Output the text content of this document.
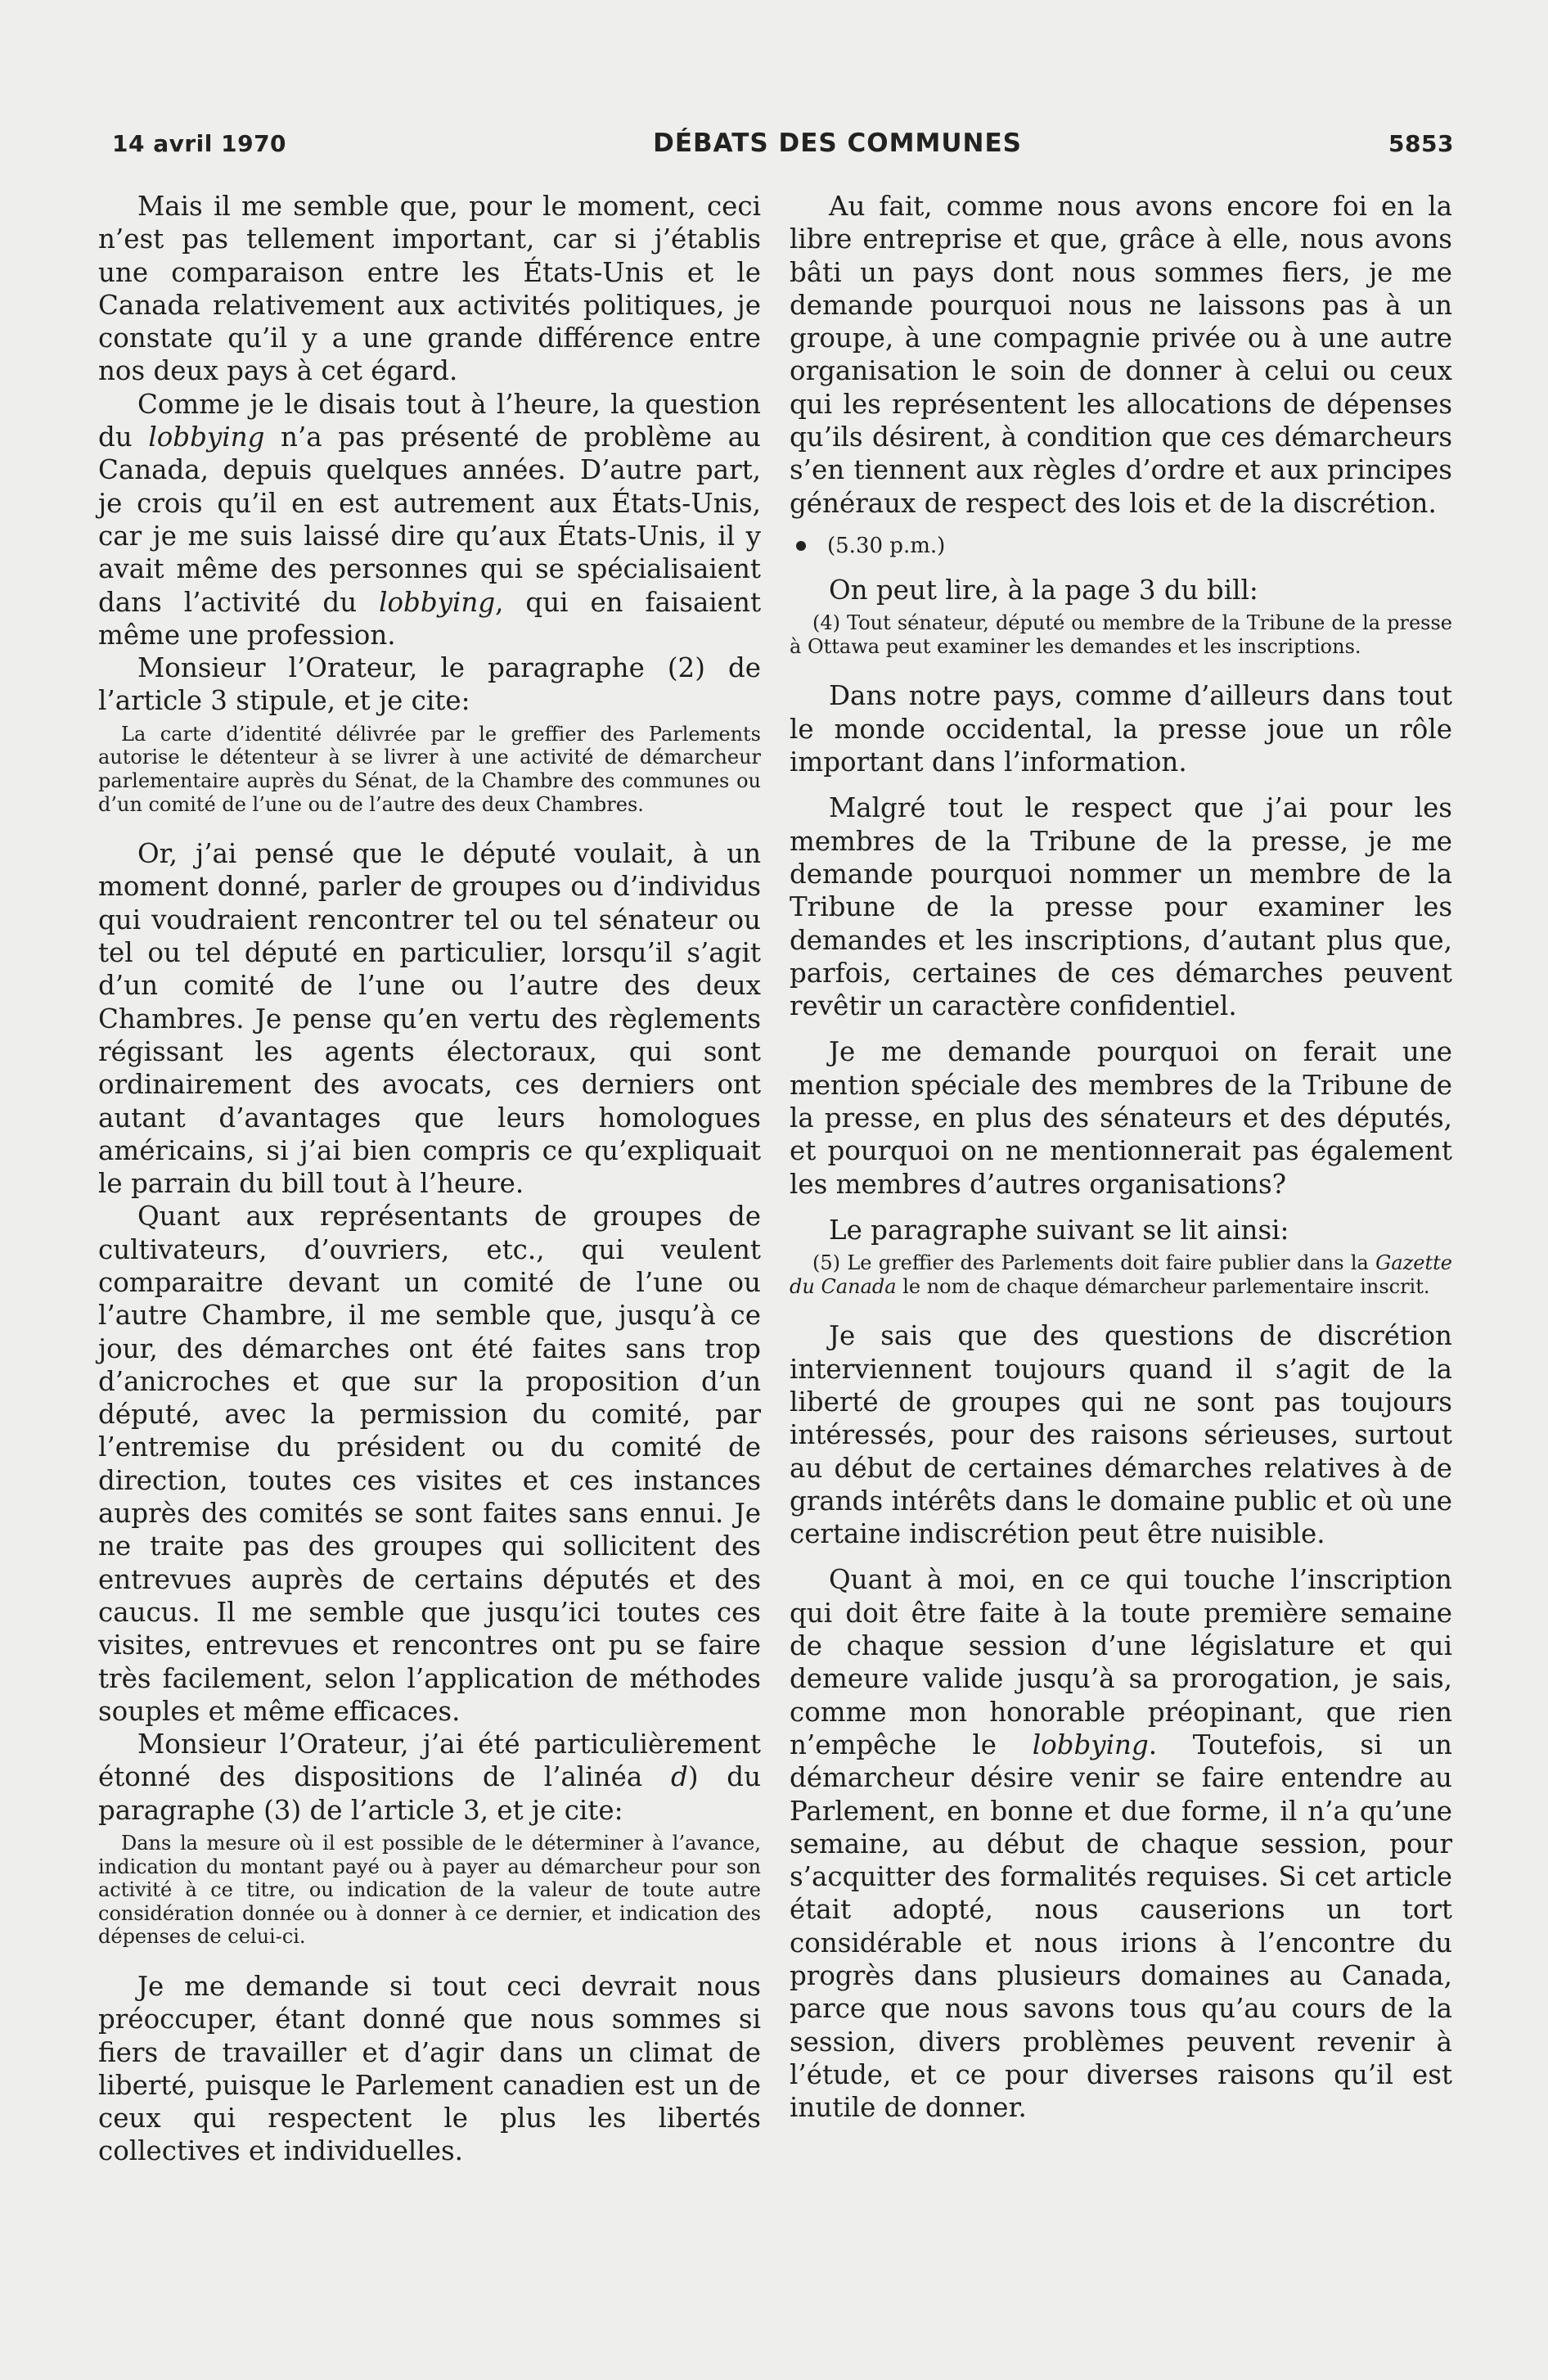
14 avril 1970	DÉBATS DES COMMUNES	5853

Mais il me semble que, pour le moment, ceci n’est pas tellement important, car si j’établis une comparaison entre les États-Unis et le Canada relativement aux activités politiques, je constate qu’il y a une grande différence entre nos deux pays à cet égard.

Comme je le disais tout à l’heure, la question du lobbying n’a pas présenté de problème au Canada, depuis quelques années. D’autre part, je crois qu’il en est autrement aux États-Unis, car je me suis laissé dire qu’aux États-Unis, il y avait même des personnes qui se spécialisaient dans l’activité du lobbying, qui en faisaient même une profession.

Monsieur l’Orateur, le paragraphe (2) de l’article 3 stipule, et je cite:

La carte d’identité délivrée par le greffier des Parlements autorise le détenteur à se livrer à une activité de démarcheur parlementaire auprès du Sénat, de la Chambre des communes ou d’un comité de l’une ou de l’autre des deux Chambres.

Or, j’ai pensé que le député voulait, à un moment donné, parler de groupes ou d’individus qui voudraient rencontrer tel ou tel sénateur ou tel ou tel député en particulier, lorsqu’il s’agit d’un comité de l’une ou l’autre des deux Chambres. Je pense qu’en vertu des règlements régissant les agents électoraux, qui sont ordinairement des avocats, ces derniers ont autant d’avantages que leurs homologues américains, si j’ai bien compris ce qu’expliquait le parrain du bill tout à l’heure.

Quant aux représentants de groupes de cultivateurs, d’ouvriers, etc., qui veulent comparaitre devant un comité de l’une ou l’autre Chambre, il me semble que, jusqu’à ce jour, des démarches ont été faites sans trop d’anicroches et que sur la proposition d’un député, avec la permission du comité, par l’entremise du président ou du comité de direction, toutes ces visites et ces instances auprès des comités se sont faites sans ennui. Je ne traite pas des groupes qui sollicitent des entrevues auprès de certains députés et des caucus. Il me semble que jusqu’ici toutes ces visites, entrevues et rencontres ont pu se faire très facilement, selon l’application de méthodes souples et même efficaces.

Monsieur l’Orateur, j’ai été particulièrement étonné des dispositions de l’alinéa d) du paragraphe (3) de l’article 3, et je cite:

Dans la mesure où il est possible de le déterminer à l’avance, indication du montant payé ou à payer au démarcheur pour son activité à ce titre, ou indication de la valeur de toute autre considération donnée ou à donner à ce dernier, et indication des dépenses de celui-ci.

Je me demande si tout ceci devrait nous préoccuper, étant donné que nous sommes si fiers de travailler et d’agir dans un climat de liberté, puisque le Parlement canadien est un de ceux qui respectent le plus les libertés collectives et individuelles.

Au fait, comme nous avons encore foi en la libre entreprise et que, grâce à elle, nous avons bâti un pays dont nous sommes fiers, je me demande pourquoi nous ne laissons pas à un groupe, à une compagnie privée ou à une autre organisation le soin de donner à celui ou ceux qui les représentent les allocations de dépenses qu’ils désirent, à condition que ces démarcheurs s’en tiennent aux règles d’ordre et aux principes généraux de respect des lois et de la discrétion.

(5.30 p.m.)

On peut lire, à la page 3 du bill:

(4) Tout sénateur, député ou membre de la Tribune de la presse à Ottawa peut examiner les demandes et les inscriptions.

Dans notre pays, comme d’ailleurs dans tout le monde occidental, la presse joue un rôle important dans l’information.

Malgré tout le respect que j’ai pour les membres de la Tribune de la presse, je me demande pourquoi nommer un membre de la Tribune de la presse pour examiner les demandes et les inscriptions, d’autant plus que, parfois, certaines de ces démarches peuvent revêtir un caractère confidentiel.

Je me demande pourquoi on ferait une mention spéciale des membres de la Tribune de la presse, en plus des sénateurs et des députés, et pourquoi on ne mentionnerait pas également les membres d’autres organisations?

Le paragraphe suivant se lit ainsi:

(5) Le greffier des Parlements doit faire publier dans la Gazette du Canada le nom de chaque démarcheur parlementaire inscrit.

Je sais que des questions de discrétion interviennent toujours quand il s’agit de la liberté de groupes qui ne sont pas toujours intéressés, pour des raisons sérieuses, surtout au début de certaines démarches relatives à de grands intérêts dans le domaine public et où une certaine indiscrétion peut être nuisible.

Quant à moi, en ce qui touche l’inscription qui doit être faite à la toute première semaine de chaque session d’une législature et qui demeure valide jusqu’à sa prorogation, je sais, comme mon honorable préopinant, que rien n’empêche le lobbying. Toutefois, si un démarcheur désire venir se faire entendre au Parlement, en bonne et due forme, il n’a qu’une semaine, au début de chaque session, pour s’acquitter des formalités requises. Si cet article était adopté, nous causerions un tort considérable et nous irions à l’encontre du progrès dans plusieurs domaines au Canada, parce que nous savons tous qu’au cours de la session, divers problèmes peuvent revenir à l’étude, et ce pour diverses raisons qu’il est inutile de donner.
